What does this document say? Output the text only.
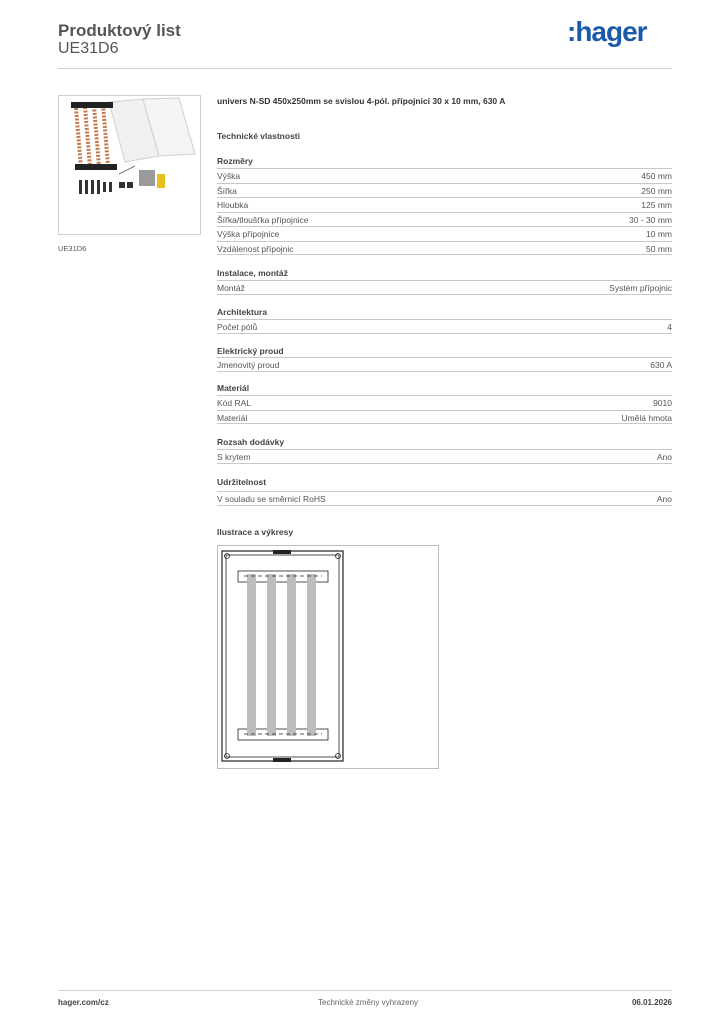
Produktový list
UE31D6
:hager
UE31D6
univers N-SD 450x250mm se svislou 4-pól. přípojnicí 30 x 10 mm, 630 A
Technické vlastnosti
Rozměry
Výška	450 mm
Šířka	250 mm
Hloubka	125 mm
Šířka/tloušťka přípojnice	30 - 30 mm
Výška přípojnice	10 mm
Vzdálenost přípojnic	50 mm
Instalace, montáž
Montáž	Systém přípojnic
Architektura
Počet pólů	4
Elektrický proud
Jmenovitý proud	630 A
Materiál
Kód RAL	9010
Materiál	Umělá hmota
Rozsah dodávky
S krytem	Ano
Udržitelnost
V souladu se směrnicí RoHS	Ano
Ilustrace a výkresy
hager.com/cz	Technické změny vyhrazeny	06.01.2026
